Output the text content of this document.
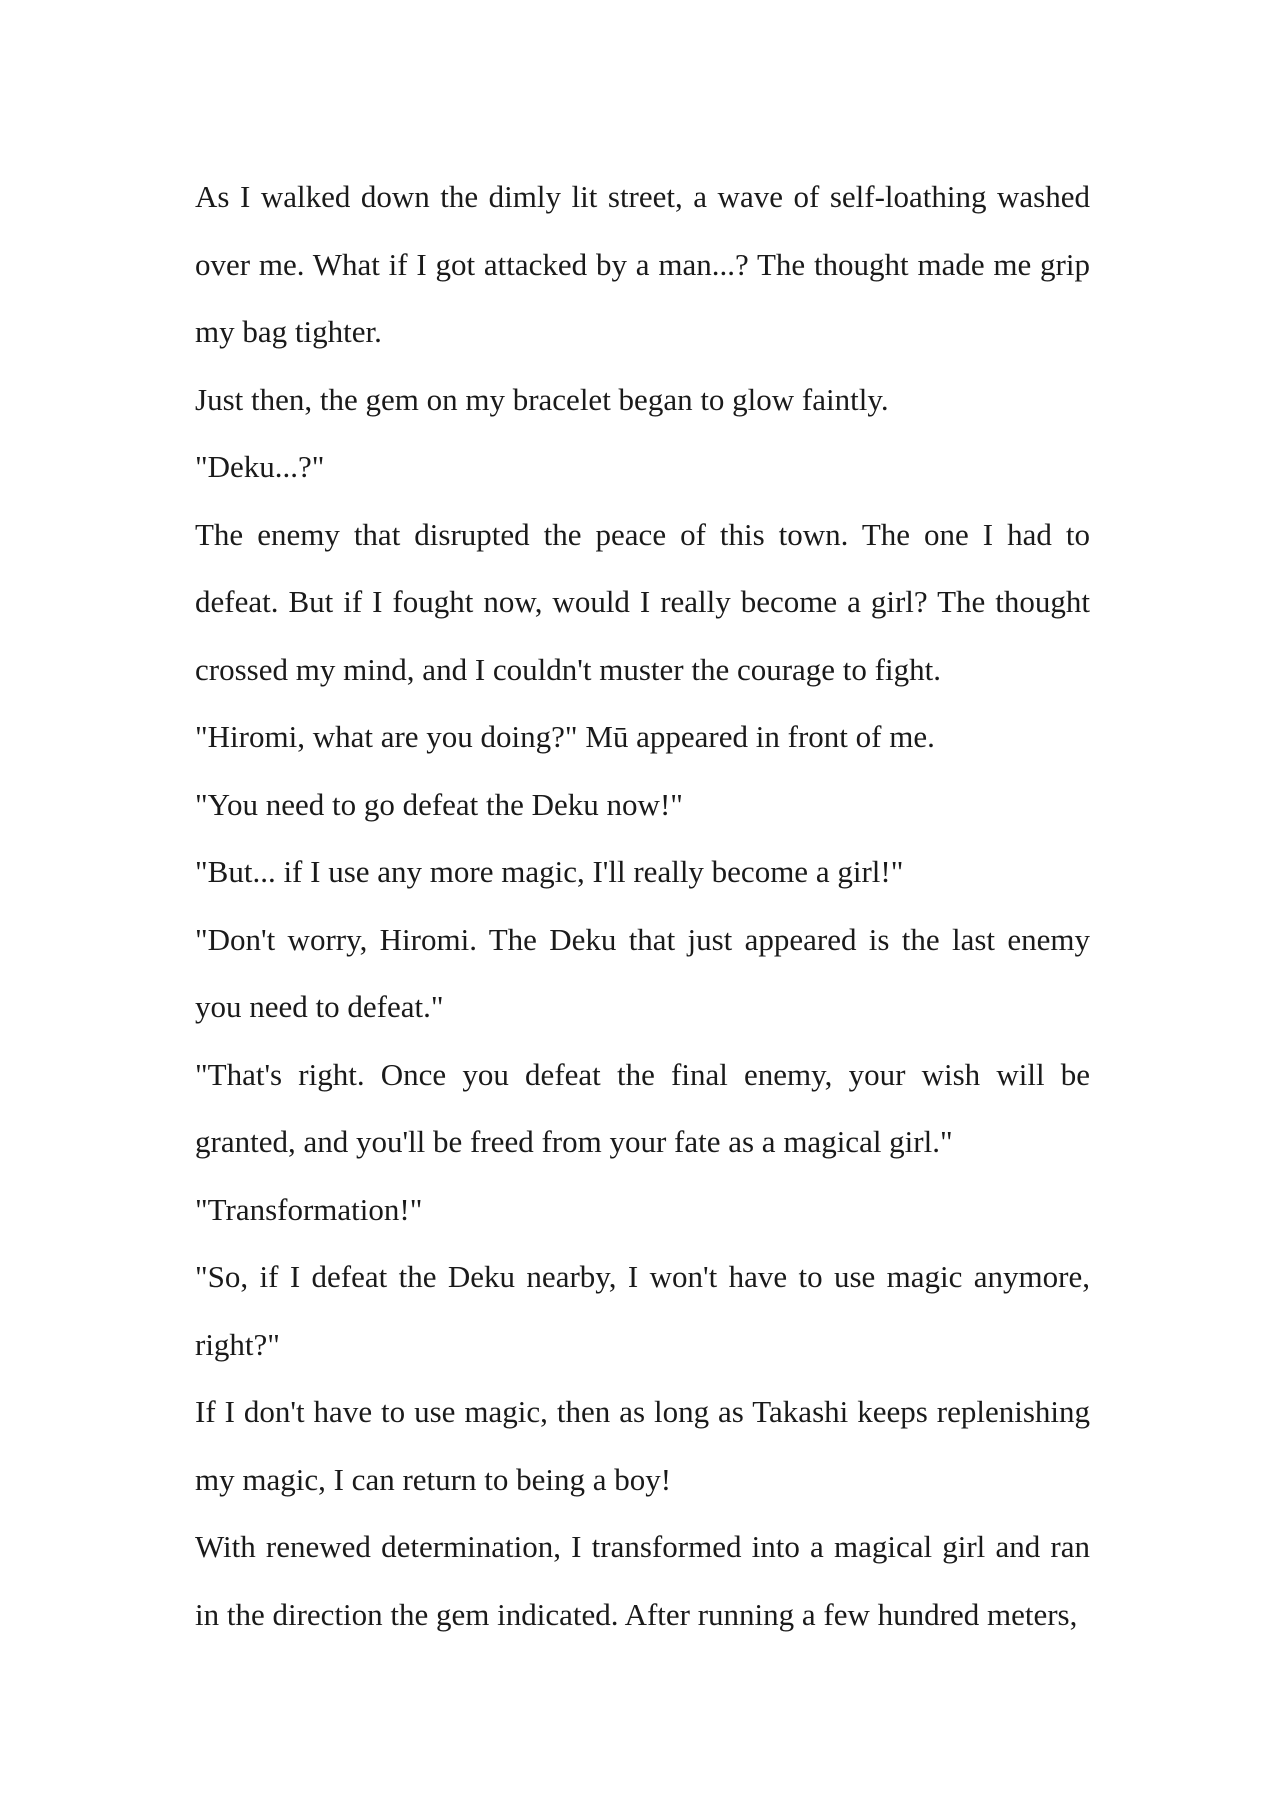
As I walked down the dimly lit street, a wave of self-loathing washed over me. What if I got attacked by a man...? The thought made me grip my bag tighter.

Just then, the gem on my bracelet began to glow faintly.

"Deku...?"

The enemy that disrupted the peace of this town. The one I had to defeat. But if I fought now, would I really become a girl? The thought crossed my mind, and I couldn't muster the courage to fight.

"Hiromi, what are you doing?" Mū appeared in front of me.

"You need to go defeat the Deku now!"

"But... if I use any more magic, I'll really become a girl!"

"Don't worry, Hiromi. The Deku that just appeared is the last enemy you need to defeat."

"That's right. Once you defeat the final enemy, your wish will be granted, and you'll be freed from your fate as a magical girl."

"Transformation!"

"So, if I defeat the Deku nearby, I won't have to use magic anymore, right?"

If I don't have to use magic, then as long as Takashi keeps replenishing my magic, I can return to being a boy!

With renewed determination, I transformed into a magical girl and ran in the direction the gem indicated. After running a few hundred meters,
